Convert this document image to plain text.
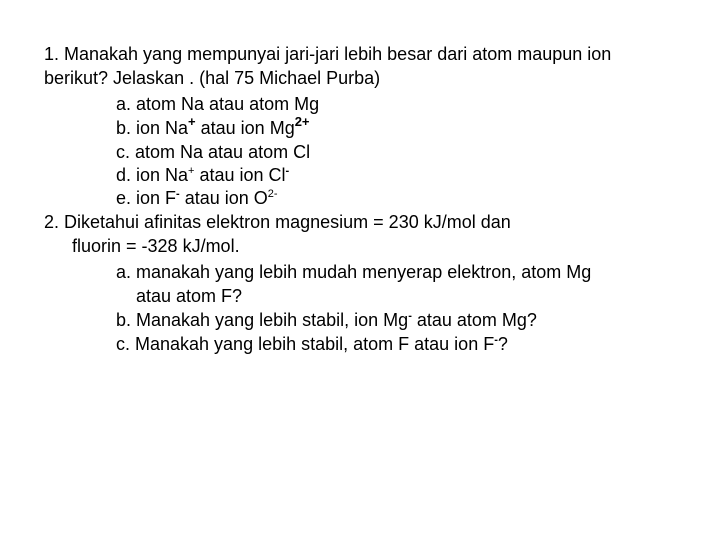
1. Manakah yang mempunyai jari-jari lebih besar dari atom maupun ion
berikut? Jelaskan . (hal 75 Michael Purba)
a. atom Na atau atom Mg
b. ion Na+ atau ion $Mg^{2+}$
c. atom Na atau atom Cl
d. ion Na+ atau ion Cl-
e. ion F- atau ion $O^{2-}$
2. Diketahui afinitas elektron magnesium = 230 kJ/mol dan
fluorin = -328 kJ/mol.
a. manakah yang lebih mudah menyerap elektron, atom Mg
atau atom F?
b. Manakah yang lebih stabil, ion Mg- atau atom Mg?
c. Manakah yang lebih stabil, atom F atau ion F-?
